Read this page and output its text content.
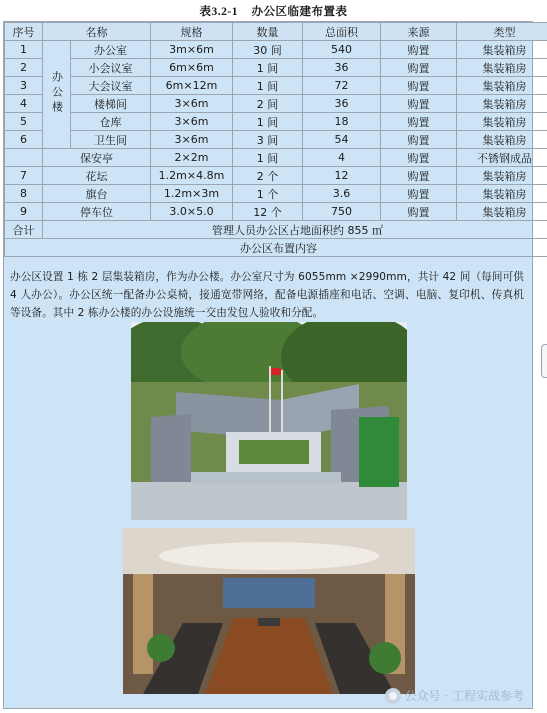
表3.2-1 办公区临建布置表
序号	名称		规格	数量	总面积	来源	类型
1	办公楼	办公室	3m×6m	30 间	540	购置	集装箱房
2		小会议室	6m×6m	1 间	36	购置	集装箱房
3		大会议室	6m×12m	1 间	72	购置	集装箱房
4		楼梯间	3×6m	2 间	36	购置	集装箱房
5		仓库	3×6m	1 间	18	购置	集装箱房
6		卫生间	3×6m	3 间	54	购置	集装箱房
	保安亭		2×2m	1 间	4	购置	不锈钢成品
7	花坛		1.2m×4.8m	2 个	12	购置	集装箱房
8	旗台		1.2m×3m	1 个	3.6	购置	集装箱房
9	停车位		3.0×5.0	12 个	750	购置	集装箱房
合计	管理人员办公区占地面积约 855 ㎡						
办公区布置内容							
办公区设置 1 栋 2 层集装箱房，作为办公楼。办公室尺寸为 6055mm ×2990mm，共计 42 间（每间可供 4 人办公）。办公区统一配备办公桌椅，接通宽带网络，配备电源插座和电话、空调、电脑、复印机、传真机等设备。其中 2 栋办公楼的办公设施统一交由发包人验收和分配。
公众号 · 工程实战参考
